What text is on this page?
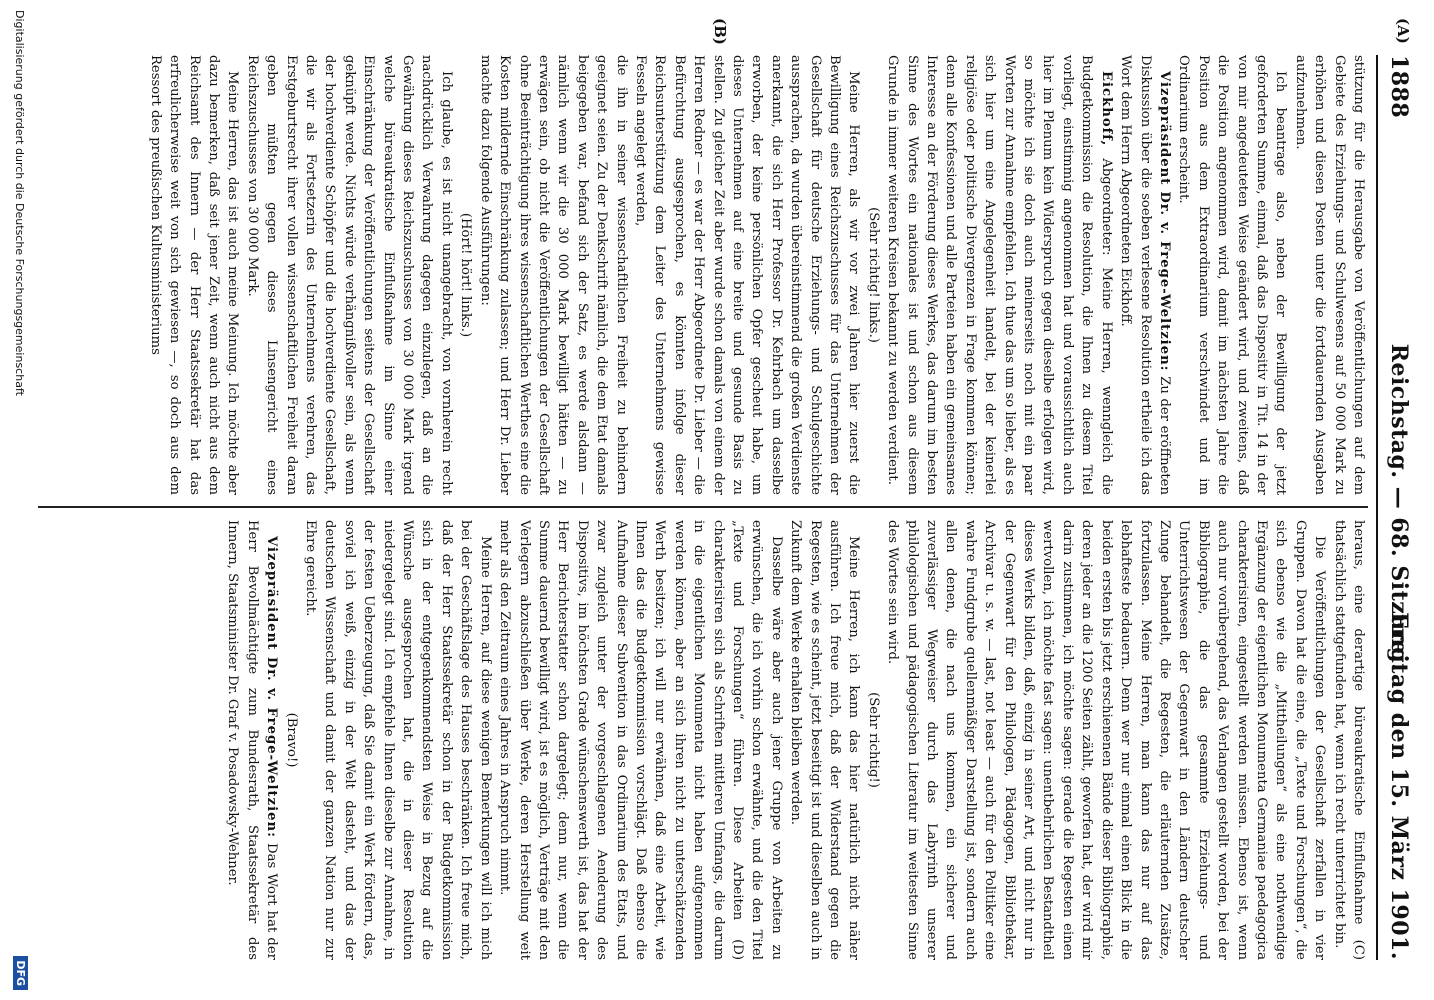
1888
Reichstag. — 68. Sitzung.
Freitag den 15. März 1901.
(A)
(B)

stützung für die Herausgabe von Veröffentlichungen auf dem Gebiete des Erziehungs- und Schulwesens auf 50 000 Mark zu erhöhen und diesen Posten unter die fortdauernden Ausgaben aufzunehmen.

Ich beantrage also, neben der Bewilligung der jetzt geforderten Summe, einmal, daß das Dispositiv in Tit. 14 in der von mir angedeuteten Weise geändert wird, und zweitens, daß die Position angenommen wird, damit im nächsten Jahre die Position aus dem Extraordinarium verschwindet und im Ordinarium erscheint.

Vizepräsident Dr. v. Frege-Weltzien: Zu der eröffneten Diskussion über die soeben verlesene Resolution ertheile ich das Wort dem Herrn Abgeordneten Eickhoff.

Eickhoff, Abgeordneter: Meine Herren, wenngleich die Budgetkommission die Resolution, die Ihnen zu diesem Titel vorliegt, einstimmig angenommen hat und voraussichtlich auch hier im Plenum kein Widerspruch gegen dieselbe erfolgen wird, so möchte ich sie doch auch meinerseits noch mit ein paar Worten zur Annahme empfehlen. Ich thue das um so lieber, als es sich hier um eine Angelegenheit handelt, bei der keinerlei religiöse oder politische Divergenzen in Frage kommen können; denn alle Konfessionen und alle Parteien haben ein gemeinsames Interesse an der Förderung dieses Werkes, das darum im besten Sinne des Wortes ein nationales ist und schon aus diesem Grunde in immer weiteren Kreisen bekannt zu werden verdient.

(Sehr richtig! links.)

Meine Herren, als wir vor zwei Jahren hier zuerst die Bewilligung eines Reichszuschusses für das Unternehmen der Gesellschaft für deutsche Erziehungs- und Schulgeschichte aussprachen, da wurden übereinstimmend die großen Verdienste anerkannt, die sich Herr Professor Dr. Kehrbach um dasselbe erworben, der keine persönlichen Opfer gescheut habe, um dieses Unternehmen auf eine breite und gesunde Basis zu stellen. Zu gleicher Zeit aber wurde schon damals von einem der Herren Redner — es war der Herr Abgeordnete Dr. Lieber — die Befürchtung ausgesprochen, es könnten infolge dieser Reichsunterstützung dem Leiter des Unternehmens gewisse Fesseln angelegt werden,

die ihn in seiner wissenschaftlichen Freiheit zu behindern geeignet seien. Zu der Denkschrift nämlich, die dem Etat damals beigegeben war, befand sich der Satz, es werde alsdann — nämlich wenn wir die 30 000 Mark bewilligt hätten — zu erwägen sein, ob nicht die Veröffentlichungen der Gesellschaft ohne Beeinträchtigung ihres wissenschaftlichen Werthes eine die Kosten mildernde Einschränkung zulassen; und Herr Dr. Lieber machte dazu folgende Ausführungen:

(Hört! hört! links.)

Ich glaube, es ist nicht unangebracht, von vornherein recht nachdrücklich Verwahrung dagegen einzulegen, daß an die Gewährung dieses Reichszuschusses von 30 000 Mark irgend welche büreaukratische Einflußnahme im Sinne einer Einschränkung der Veröffentlichungen seitens der Gesellschaft geknüpft werde. Nichts würde verhängnißvoller sein, als wenn der hochverdiente Schöpfer und die hochverdiente Gesellschaft, die wir als Fortsetzerin des Unternehmens verehren, das Erstgeburtsrecht ihrer vollen wissenschaftlichen Freiheit daran geben müßten gegen dieses Linsengericht eines Reichszuschusses von 30 000 Mark.

Meine Herren, das ist auch meine Meinung. Ich möchte aber dazu bemerken, daß seit jener Zeit, wenn auch nicht aus dem Reichsamt des Innern — der Herr Staatssekretär hat das erfreulicherweise weit von sich gewiesen —, so doch aus dem Ressort des preußischen Kultusministeriums

heraus, eine derartige büreaukratische Einflußnahme (C) thatsächlich stattgefunden hat, wenn ich recht unterrichtet bin.

Die Veröffentlichungen der Gesellschaft zerfallen in vier Gruppen. Davon hat die eine, die „Texte und Forschungen“, die sich ebenso wie die „Mittheilungen“ als eine nothwendige Ergänzung der eigentlichen Monumenta Germaniae paedagogica charakterisiren, eingestellt werden müssen. Ebenso ist, wenn auch nur vorübergehend, das Verlangen gestellt worden, bei der Bibliographie, die das gesammte Erziehungs- und Unterrichtswesen der Gegenwart in den Ländern deutscher Zunge behandelt, die Regesten, die erläuternden Zusätze, fortzulassen. Meine Herren, man kann das nur auf das lebhafteste bedauern. Denn wer nur einmal einen Blick in die beiden ersten bis jetzt erschienenen Bände dieser Bibliographie, deren jeder an die 1200 Seiten zählt, geworfen hat, der wird mir darin zustimmen, ich möchte sagen: gerade die Regesten einen wertvollen, ich möchte fast sagen: unentbehrlichen Bestandtheil dieses Werks bilden, daß, einzig in seiner Art, und nicht nur in der Gegenwart für den Philologen, Pädagogen, Bibliothekar, Archivar u. s. w. — last, not least — auch für den Politiker eine wahre Fundgrube quellenmäßiger Darstellung ist, sondern auch allen denen, die nach uns kommen, ein sicherer und zuverlässiger Wegweiser durch das Labyrinth unserer philologischen und pädagogischen Literatur im weitesten Sinne des Wortes sein wird.

(Sehr richtig!)

Meine Herren, ich kann das hier natürlich nicht näher ausführen. Ich freue mich, daß der Widerstand gegen die Regesten, wie es scheint, jetzt beseitigt ist und dieselben auch in Zukunft dem Werke erhalten bleiben werden.

Dasselbe wäre aber auch jener Gruppe von Arbeiten zu erwünschen, die ich vorhin schon erwähnte, und die den Titel „Texte und Forschungen“ führen. Diese Arbeiten (D) charakterisiren sich als Schriften mittleren Umfangs, die darum in die eigentlichen Monumenta nicht haben aufgenommen werden können, aber an sich ihren nicht zu unterschätzenden Werth besitzen; ich will nur erwähnen, daß eine Arbeit, wie Ihnen das die Budgetkommission vorschlägt. Daß ebenso die Aufnahme dieser Subvention in das Ordinarium des Etats, und zwar zugleich unter der vorgeschlagenen Aenderung des Dispositivs, im höchsten Grade wünschenswerth ist, das hat der Herr Berichterstatter schon dargelegt; denn nur, wenn die Summe dauernd bewilligt wird, ist es möglich, Verträge mit den Verlegern abzuschließen über Werke, deren Herstellung weit mehr als den Zeitraum eines Jahres in Anspruch nimmt.

Meine Herren, auf diese wenigen Bemerkungen will ich mich bei der Geschäftslage des Hauses beschränken. Ich freue mich, daß der Herr Staatssekretär schon in der Budgetkommission sich in der entgegenkommendsten Weise in Bezug auf die Wünsche ausgesprochen hat, die in dieser Resolution niedergelegt sind. Ich empfehle Ihnen dieselbe zur Annahme, in der festen Ueberzeugung, daß Sie damit ein Werk fördern, das, soviel ich weiß, einzig in der Welt dasteht, und das der deutschen Wissenschaft und damit der ganzen Nation nur zur Ehre gereicht.

(Bravo!)

Vizepräsident Dr. v. Frege-Weltzien: Das Wort hat der Herr Bevollmächtigte zum Bundesrath, Staatssekretär des Innern, Staatsminister Dr. Graf v. Posadowsky-Wehner.

Digitalisierung gefördert durch die Deutsche Forschungsgemeinschaft
DFG
